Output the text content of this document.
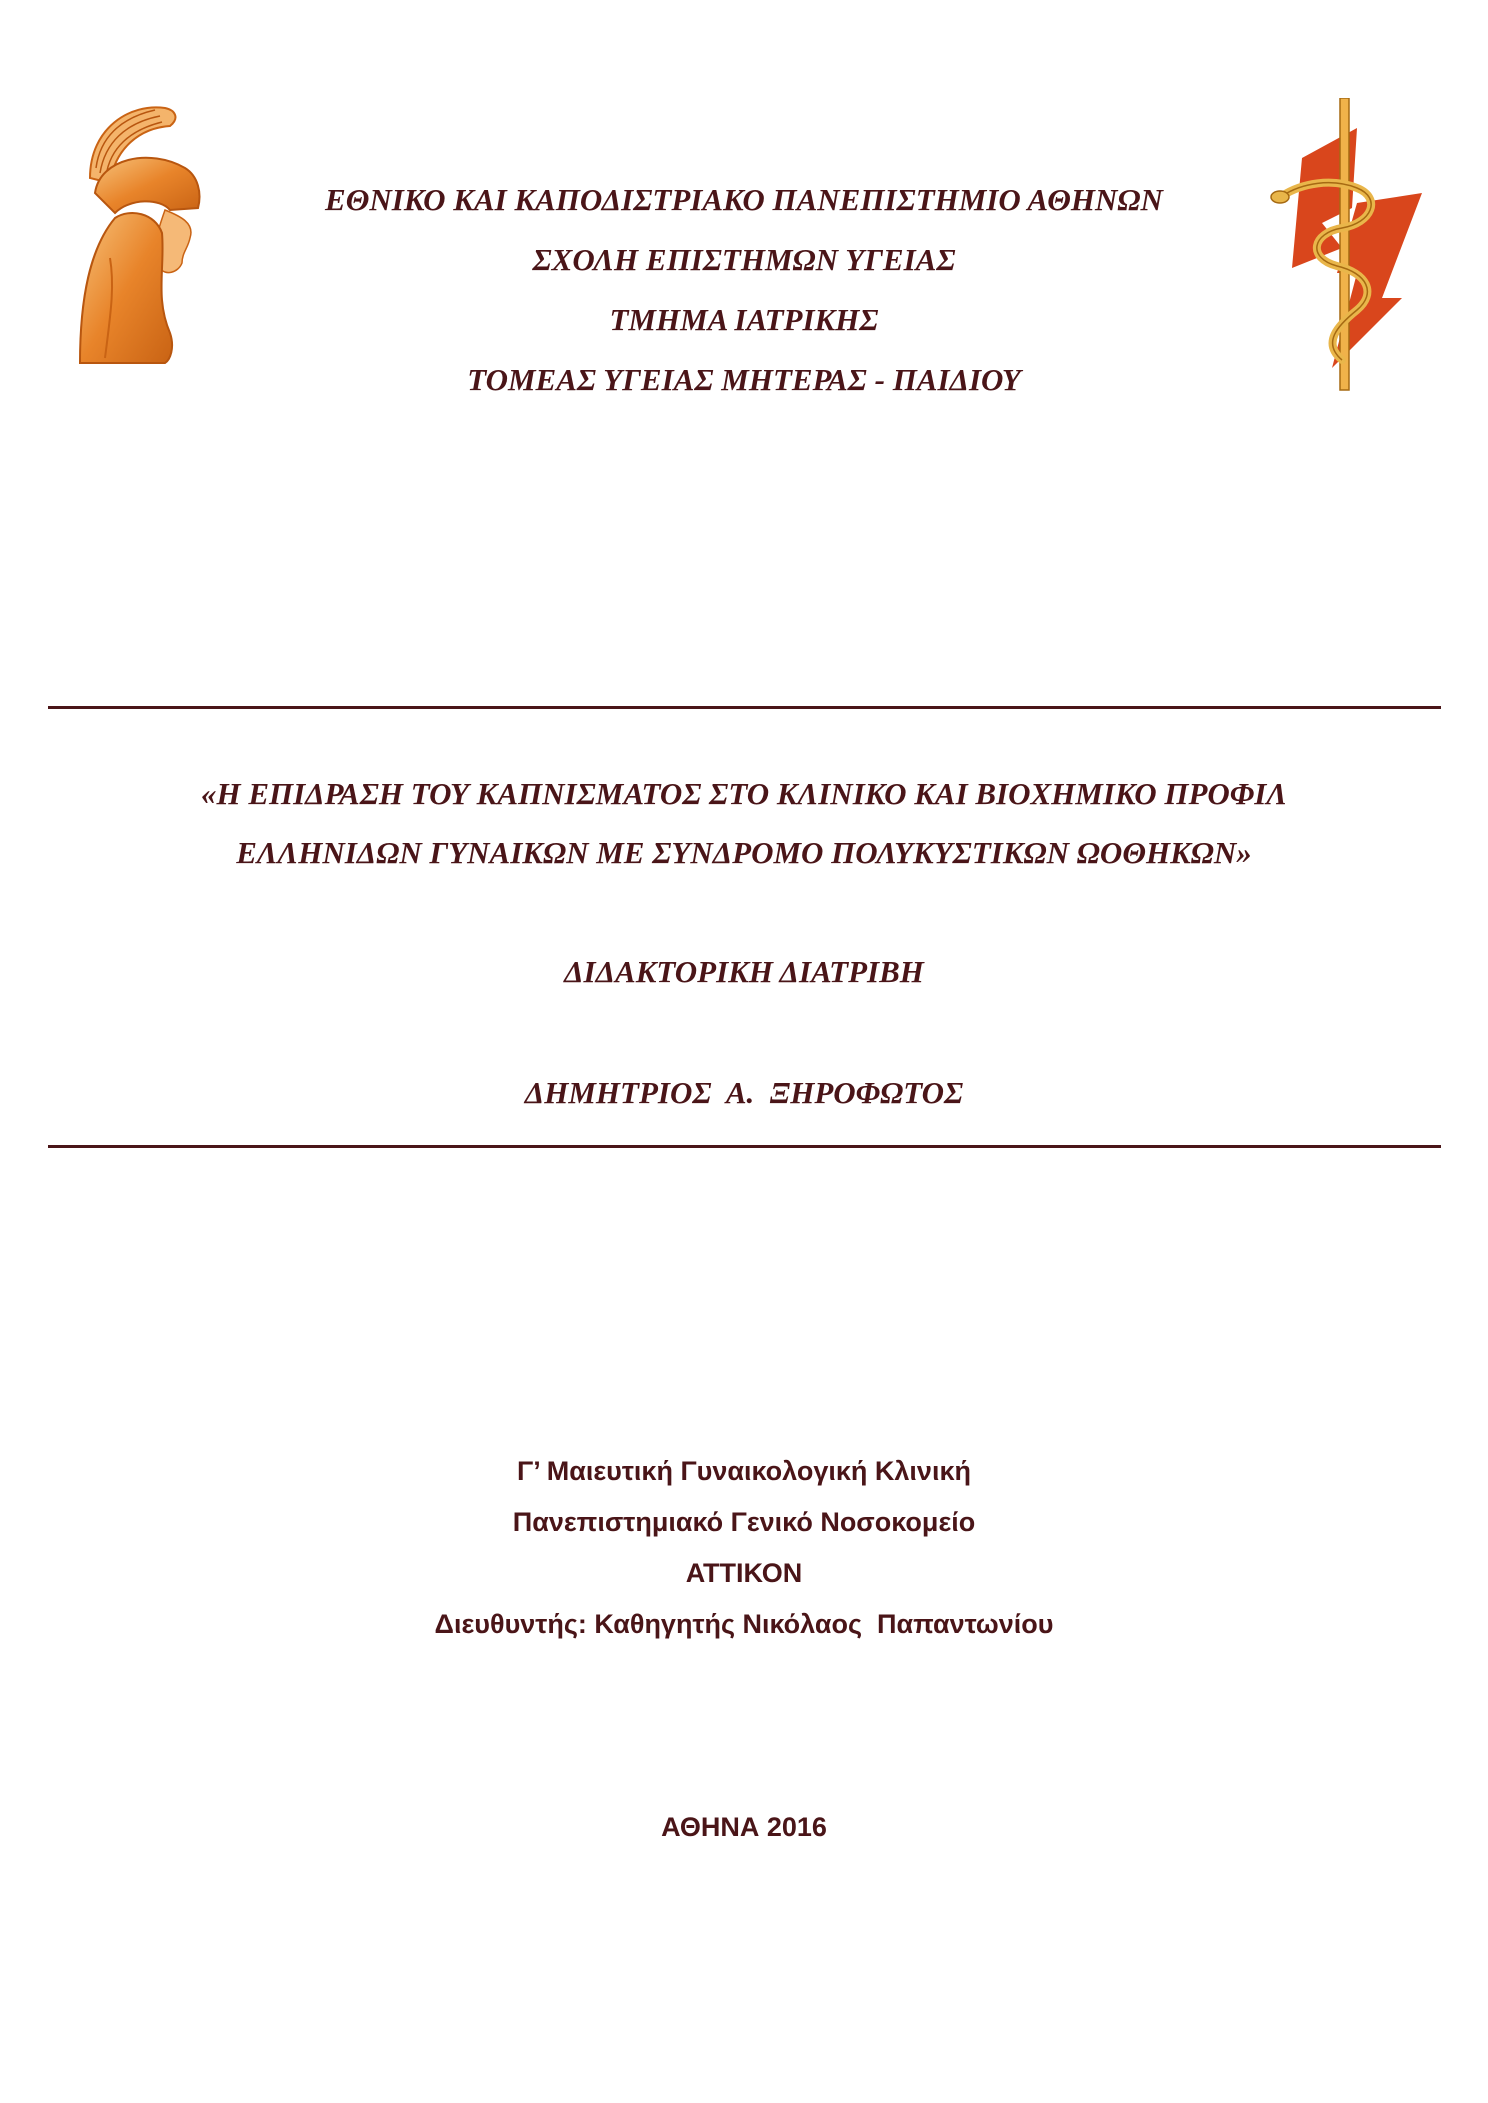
ΕΘΝΙΚΟ ΚΑΙ ΚΑΠΟΔΙΣΤΡΙΑΚΟ ΠΑΝΕΠΙΣΤΗΜΙΟ ΑΘΗΝΩΝ
ΣΧΟΛΗ ΕΠΙΣΤΗΜΩΝ ΥΓΕΙΑΣ
ΤΜΗΜΑ ΙΑΤΡΙΚΗΣ
ΤΟΜΕΑΣ ΥΓΕΙΑΣ ΜΗΤΕΡΑΣ - ΠΑΙΔΙΟΥ
«Η ΕΠΙΔΡΑΣΗ ΤΟΥ ΚΑΠΝΙΣΜΑΤΟΣ ΣΤΟ ΚΛΙΝΙΚΟ ΚΑΙ ΒΙΟΧΗΜΙΚΟ ΠΡΟΦΙΛ
ΕΛΛΗΝΙΔΩΝ ΓΥΝΑΙΚΩΝ ΜΕ ΣΥΝΔΡΟΜΟ ΠΟΛΥΚΥΣΤΙΚΩΝ ΩΟΘΗΚΩΝ»
ΔΙΔΑΚΤΟΡΙΚΗ ΔΙΑΤΡΙΒΗ
ΔΗΜΗΤΡΙΟΣ  Α.  ΞΗΡΟΦΩΤΟΣ
Γ’ Μαιευτική Γυναικολογική Κλινική
Πανεπιστημιακό Γενικό Νοσοκομείο
ΑΤΤΙΚΟΝ
Διευθυντής: Καθηγητής Νικόλαος  Παπαντωνίου
ΑΘΗΝΑ 2016
